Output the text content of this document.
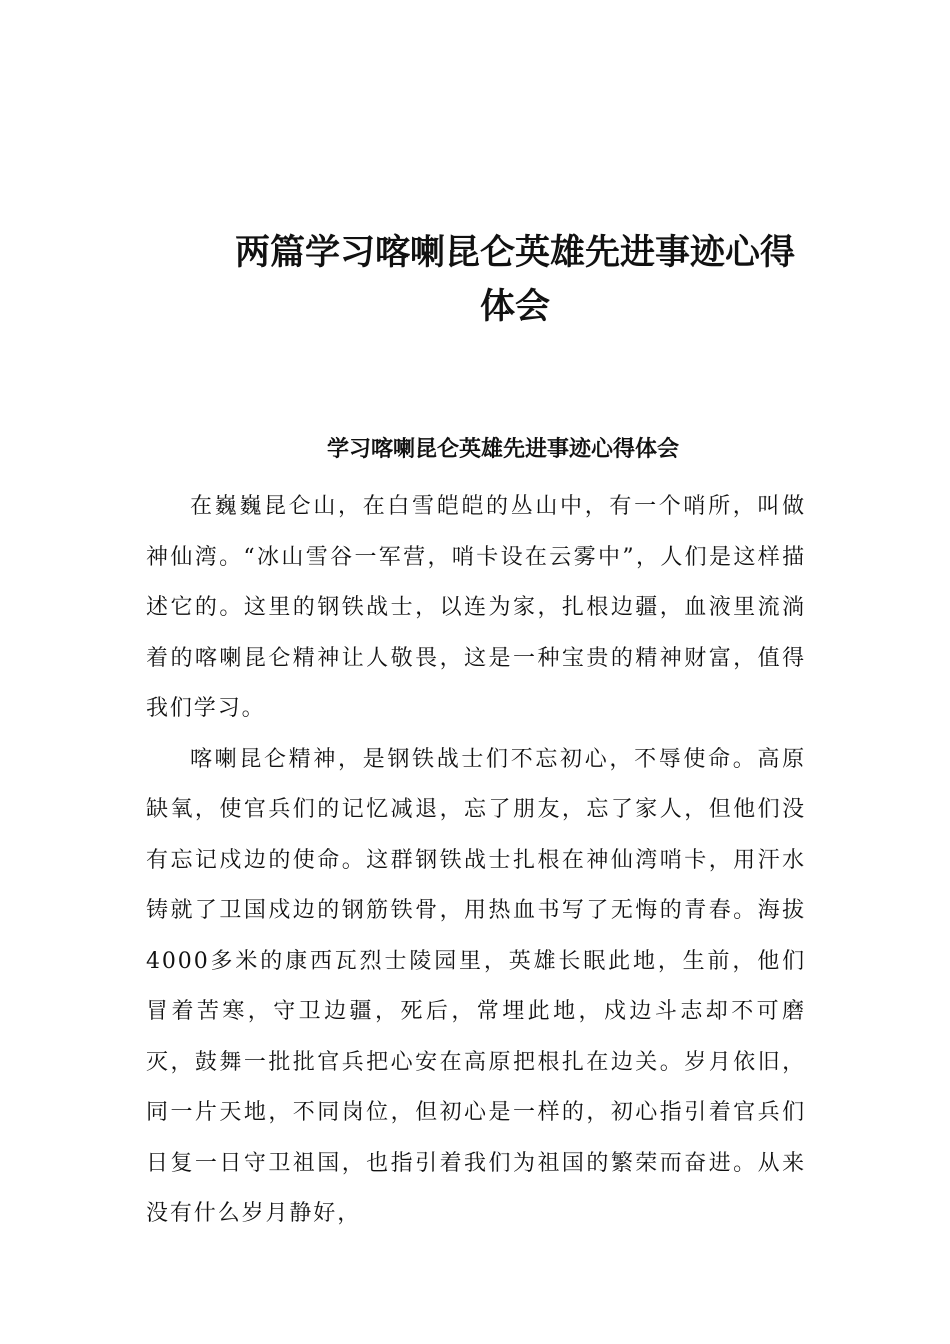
两篇学习喀喇昆仑英雄先进事迹心得
体会
学习喀喇昆仑英雄先进事迹心得体会

在巍巍昆仑山，在白雪皑皑的丛山中，有一个哨所，叫做神仙湾。“冰山雪谷一军营，哨卡设在云雾中”，人们是这样描述它的。这里的钢铁战士，以连为家，扎根边疆，血液里流淌着的喀喇昆仑精神让人敬畏，这是一种宝贵的精神财富，值得我们学习。

喀喇昆仑精神，是钢铁战士们不忘初心，不辱使命。高原缺氧，使官兵们的记忆减退，忘了朋友，忘了家人，但他们没有忘记戍边的使命。这群钢铁战士扎根在神仙湾哨卡，用汗水铸就了卫国戍边的钢筋铁骨，用热血书写了无悔的青春。海拔4000多米的康西瓦烈士陵园里，英雄长眠此地，生前，他们冒着苦寒，守卫边疆，死后，常埋此地，戍边斗志却不可磨灭，鼓舞一批批官兵把心安在高原把根扎在边关。岁月依旧，同一片天地，不同岗位，但初心是一样的，初心指引着官兵们日复一日守卫祖国，也指引着我们为祖国的繁荣而奋进。从来没有什么岁月静好，
